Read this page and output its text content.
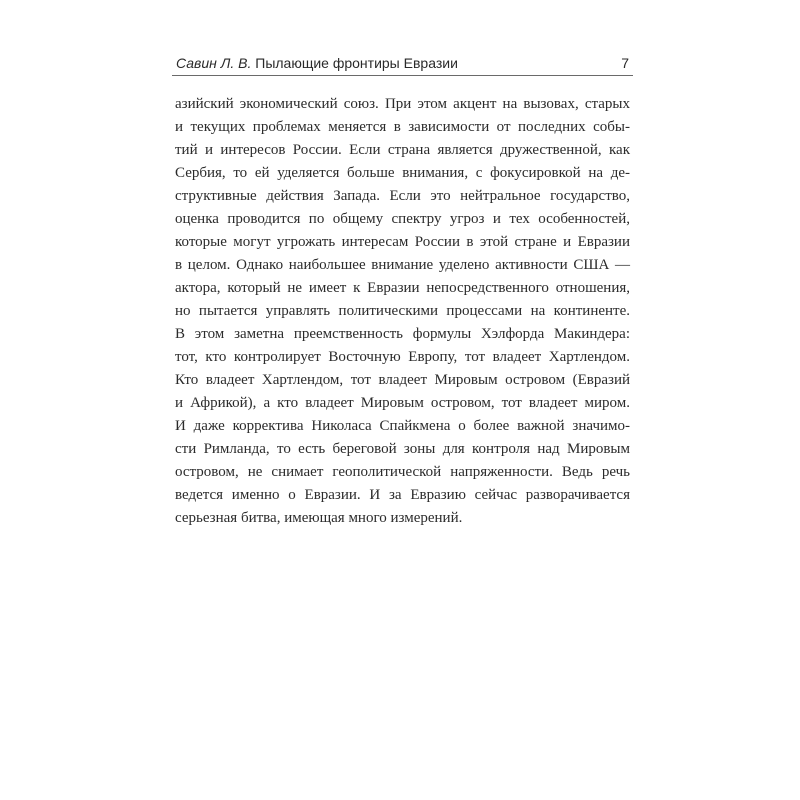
Савин Л. В. Пылающие фронтиры Евразии	7
азийский экономический союз. При этом акцент на вызовах, старых
и текущих проблемах меняется в зависимости от последних собы-
тий и интересов России. Если страна является дружественной, как
Сербия, то ей уделяется больше внимания, с фокусировкой на де-
структивные действия Запада. Если это нейтральное государство,
оценка проводится по общему спектру угроз и тех особенностей,
которые могут угрожать интересам России в этой стране и Евразии
в целом. Однако наибольшее внимание уделено активности США —
актора, который не имеет к Евразии непосредственного отношения,
но пытается управлять политическими процессами на континенте.
В этом заметна преемственность формулы Хэлфорда Макиндера:
тот, кто контролирует Восточную Европу, тот владеет Хартлендом.
Кто владеет Хартлендом, тот владеет Мировым островом (Евразий
и Африкой), а кто владеет Мировым островом, тот владеет миром.
И даже корректива Николаса Спайкмена о более важной значимо-
сти Римланда, то есть береговой зоны для контроля над Мировым
островом, не снимает геополитической напряженности. Ведь речь
ведется именно о Евразии. И за Евразию сейчас разворачивается
серьезная битва, имеющая много измерений.
